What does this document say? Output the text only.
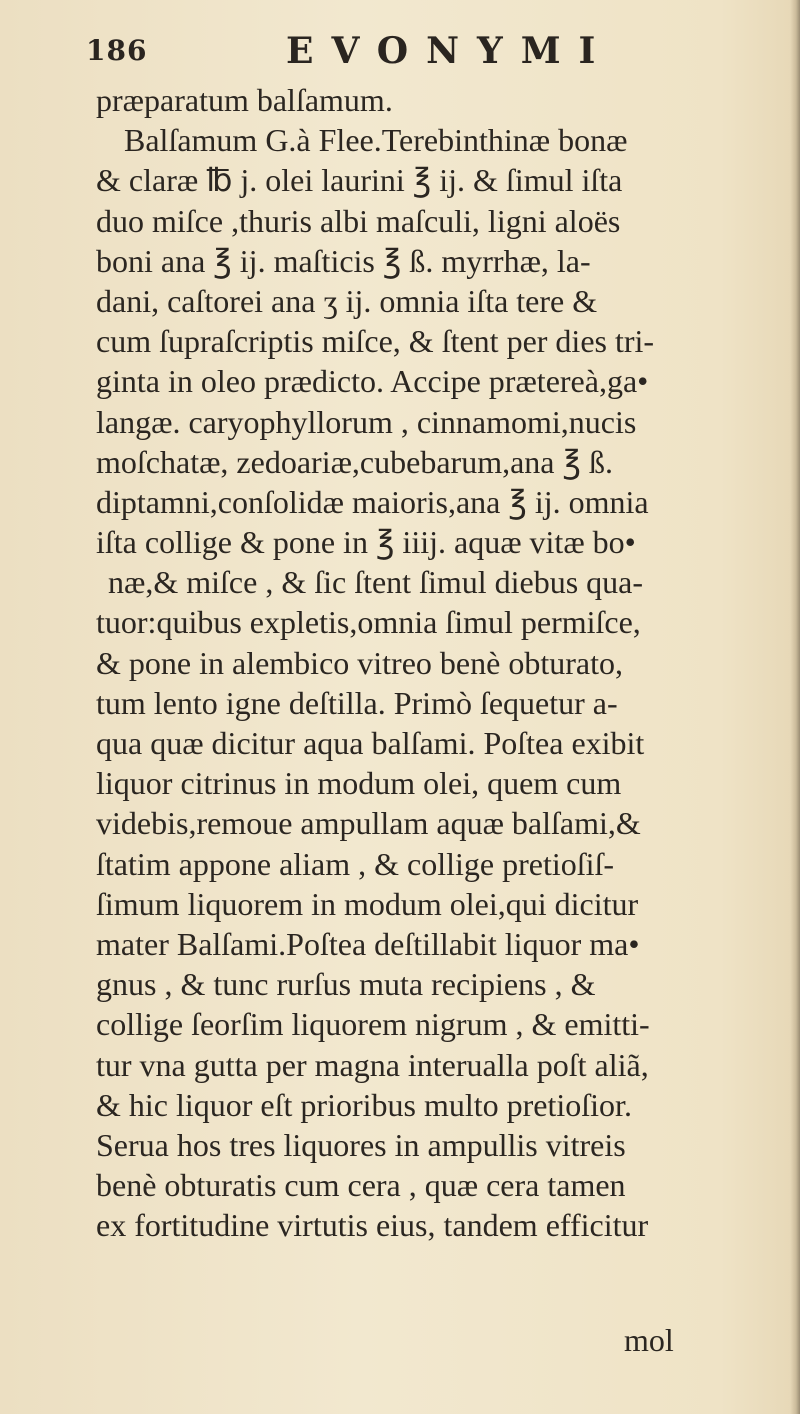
186	EVONYMI
præparatum balſamum.
Balſamum G.à Flee.Terebinthinæ bonæ
& claræ ℔ j. olei laurini ℥ ij. & ſimul iſta
duo miſce ,thuris albi maſculi, ligni aloës
boni ana ℥ ij. maſticis ℥ ß. myrrhæ, la-
dani, caſtorei ana ʒ ij. omnia iſta tere &
cum ſupraſcriptis miſce, & ſtent per dies tri-
ginta in oleo prædicto. Accipe prætereà,ga•
langæ. caryophyllorum , cinnamomi,nucis
moſchatæ, zedoariæ,cubebarum,ana ℥ ß.
diptamni,conſolidæ maioris,ana ℥ ij. omnia
iſta collige & pone in ℥ iiij. aquæ vitæ bo•
næ,& miſce , & ſic ſtent ſimul diebus qua-
tuor:quibus expletis,omnia ſimul permiſce,
& pone in alembico vitreo benè obturato,
tum lento igne deſtilla. Primò ſequetur a-
qua quæ dicitur aqua balſami. Poſtea exibit
liquor citrinus in modum olei, quem cum
videbis,remoue ampullam aquæ balſami,&
ſtatim appone aliam , & collige pretioſiſ-
ſimum liquorem in modum olei,qui dicitur
mater Balſami.Poſtea deſtillabit liquor ma•
gnus , & tunc rurſus muta recipiens , &
collige ſeorſim liquorem nigrum , & emitti-
tur vna gutta per magna interualla poſt aliã,
& hic liquor eſt prioribus multo pretioſior.
Serua hos tres liquores in ampullis vitreis
benè obturatis cum cera , quæ cera tamen
ex fortitudine virtutis eius, tandem efficitur
mol
